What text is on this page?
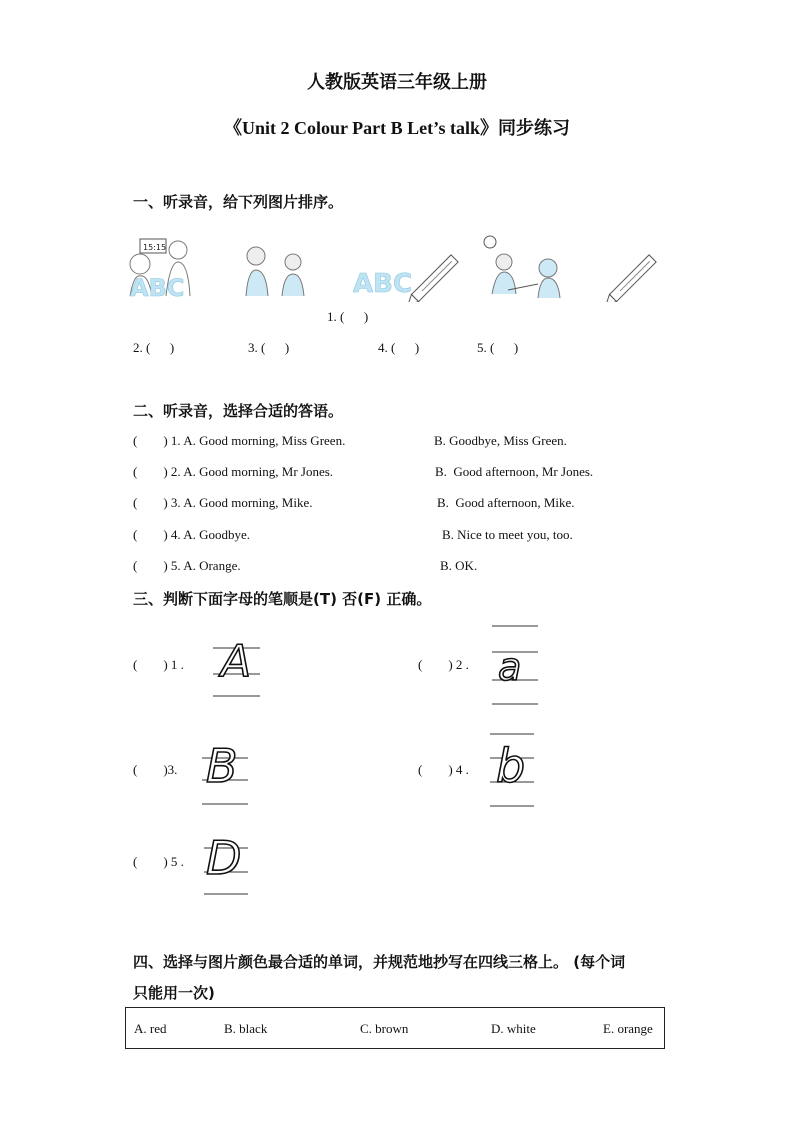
人教版英语三年级上册
《Unit 2 Colour Part B Let’s talk》同步练习
一、听录音，给下列图片排序。
15:15
ABC	ABC
1. (      )
2. (      )	3. (      )	4. (      )	5. (      )
二、听录音，选择合适的答语。
(        ) 1. A. Good morning, Miss Green.	B. Goodbye, Miss Green.
(        ) 2. A. Good morning, Mr Jones.	B.  Good afternoon, Mr Jones.
(        ) 3. A. Good morning, Mike.	B.  Good afternoon, Mike.
(        ) 4. A. Goodbye.	B. Nice to meet you, too.
(        ) 5. A. Orange.	B. OK.
三、判断下面字母的笔顺是(T) 否(F) 正确。
(        ) 1 . A	(        ) 2 . a
(        )3. B	(        ) 4 . b
(        ) 5 . D
四、选择与图片颜色最合适的单词，并规范地抄写在四线三格上。 (每个词
只能用一次)
A. red	B. black	C. brown	D. white	E. orange
